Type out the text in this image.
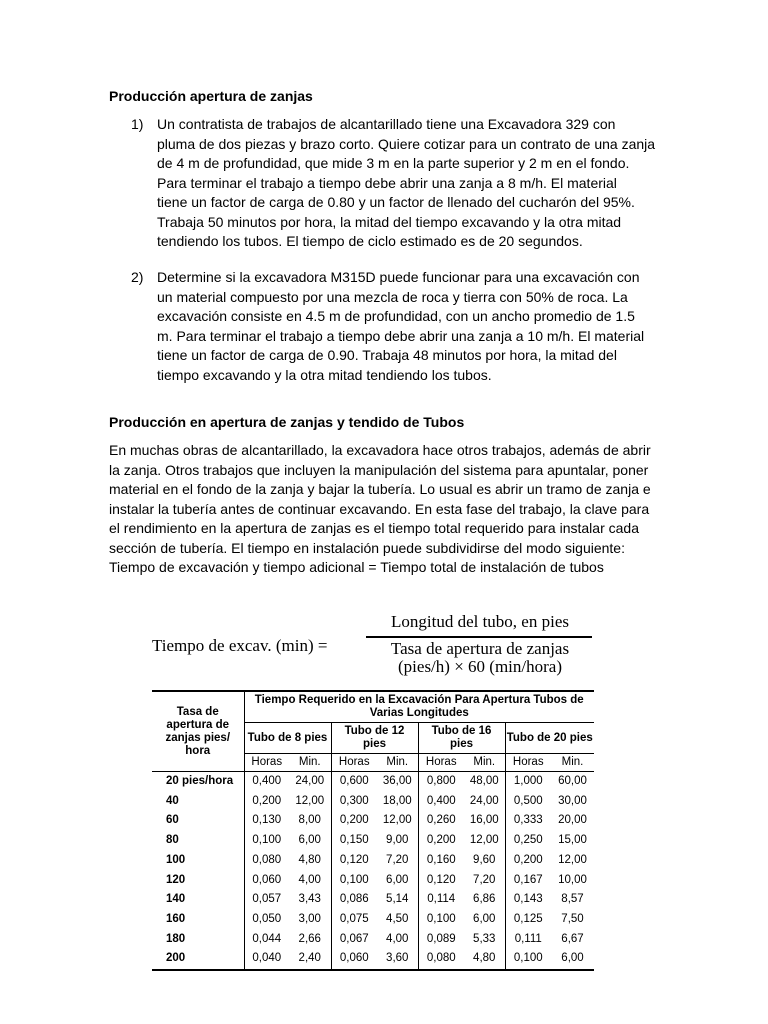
Producción apertura de zanjas
1) Un contratista de trabajos de alcantarillado tiene una Excavadora 329 con
pluma de dos piezas y brazo corto. Quiere cotizar para un contrato de una zanja
de 4 m de profundidad, que mide 3 m en la parte superior y 2 m en el fondo.
Para terminar el trabajo a tiempo debe abrir una zanja a 8 m/h. El material
tiene un factor de carga de 0.80 y un factor de llenado del cucharón del 95%.
Trabaja 50 minutos por hora, la mitad del tiempo excavando y la otra mitad
tendiendo los tubos. El tiempo de ciclo estimado es de 20 segundos.
2) Determine si la excavadora M315D puede funcionar para una excavación con
un material compuesto por una mezcla de roca y tierra con 50% de roca. La
excavación consiste en 4.5 m de profundidad, con un ancho promedio de 1.5
m. Para terminar el trabajo a tiempo debe abrir una zanja a 10 m/h. El material
tiene un factor de carga de 0.90. Trabaja 48 minutos por hora, la mitad del
tiempo excavando y la otra mitad tendiendo los tubos.
Producción en apertura de zanjas y tendido de Tubos
En muchas obras de alcantarillado, la excavadora hace otros trabajos, además de abrir
la zanja. Otros trabajos que incluyen la manipulación del sistema para apuntalar, poner
material en el fondo de la zanja y bajar la tubería. Lo usual es abrir un tramo de zanja e
instalar la tubería antes de continuar excavando. En esta fase del trabajo, la clave para
el rendimiento en la apertura de zanjas es el tiempo total requerido para instalar cada
sección de tubería. El tiempo en instalación puede subdividirse del modo siguiente:
Tiempo de excavación y tiempo adicional = Tiempo total de instalación de tubos
Tiempo de excav. (min) =
Longitud del tubo, en pies
Tasa de apertura de zanjas
(pies/h) × 60 (min/hora)
Tasa de apertura de zanjas pies/ hora	Tiempo Requerido en la Excavación Para Apertura Tubos de Varias Longitudes							
	Tubo de 8 pies		Tubo de 12 pies		Tubo de 16 pies		Tubo de 20 pies	
	Horas	Min.	Horas	Min.	Horas	Min.	Horas	Min.
20 pies/hora	0,400	24,00	0,600	36,00	0,800	48,00	1,000	60,00
40	0,200	12,00	0,300	18,00	0,400	24,00	0,500	30,00
60	0,130	8,00	0,200	12,00	0,260	16,00	0,333	20,00
80	0,100	6,00	0,150	9,00	0,200	12,00	0,250	15,00
100	0,080	4,80	0,120	7,20	0,160	9,60	0,200	12,00
120	0,060	4,00	0,100	6,00	0,120	7,20	0,167	10,00
140	0,057	3,43	0,086	5,14	0,114	6,86	0,143	8,57
160	0,050	3,00	0,075	4,50	0,100	6,00	0,125	7,50
180	0,044	2,66	0,067	4,00	0,089	5,33	0,111	6,67
200	0,040	2,40	0,060	3,60	0,080	4,80	0,100	6,00
